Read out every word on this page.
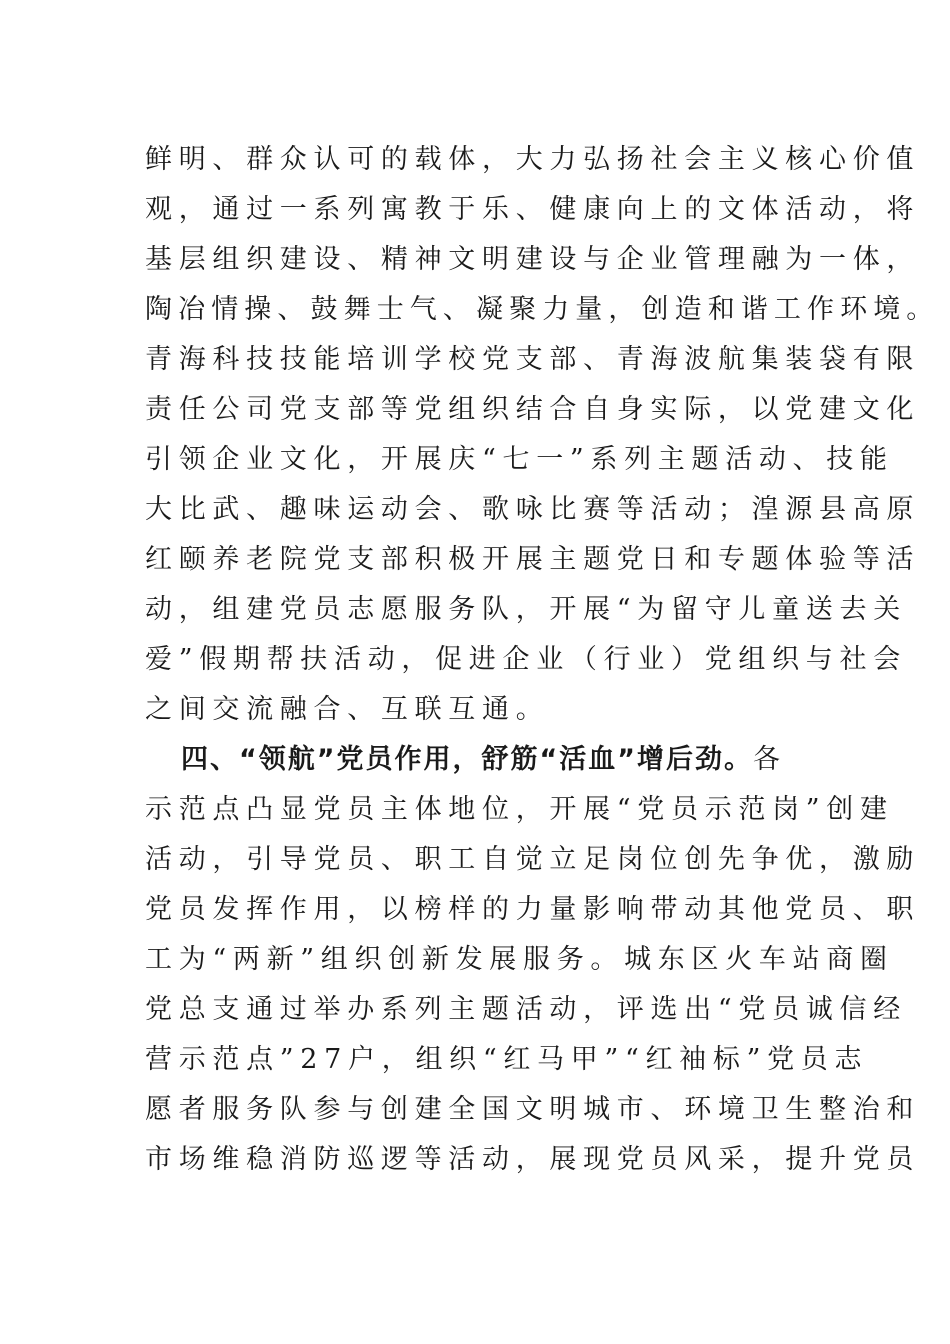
鲜明、群众认可的载体，大力弘扬社会主义核心价值
观，通过一系列寓教于乐、健康向上的文体活动，将
基层组织建设、精神文明建设与企业管理融为一体，
陶冶情操、鼓舞士气、凝聚力量，创造和谐工作环境。
青海科技技能培训学校党支部、青海波航集装袋有限
责任公司党支部等党组织结合自身实际，以党建文化
引领企业文化，开展庆“七一”系列主题活动、技能
大比武、趣味运动会、歌咏比赛等活动；湟源县高原
红颐养老院党支部积极开展主题党日和专题体验等活
动，组建党员志愿服务队，开展“为留守儿童送去关
爱”假期帮扶活动，促进企业（行业）党组织与社会
之间交流融合、互联互通。
四、“领航”党员作用，舒筋“活血”增后劲。各
示范点凸显党员主体地位，开展“党员示范岗”创建
活动，引导党员、职工自觉立足岗位创先争优，激励
党员发挥作用，以榜样的力量影响带动其他党员、职
工为“两新”组织创新发展服务。城东区火车站商圈
党总支通过举办系列主题活动，评选出“党员诚信经
营示范点”27户，组织“红马甲”“红袖标”党员志
愿者服务队参与创建全国文明城市、环境卫生整治和
市场维稳消防巡逻等活动，展现党员风采，提升党员
